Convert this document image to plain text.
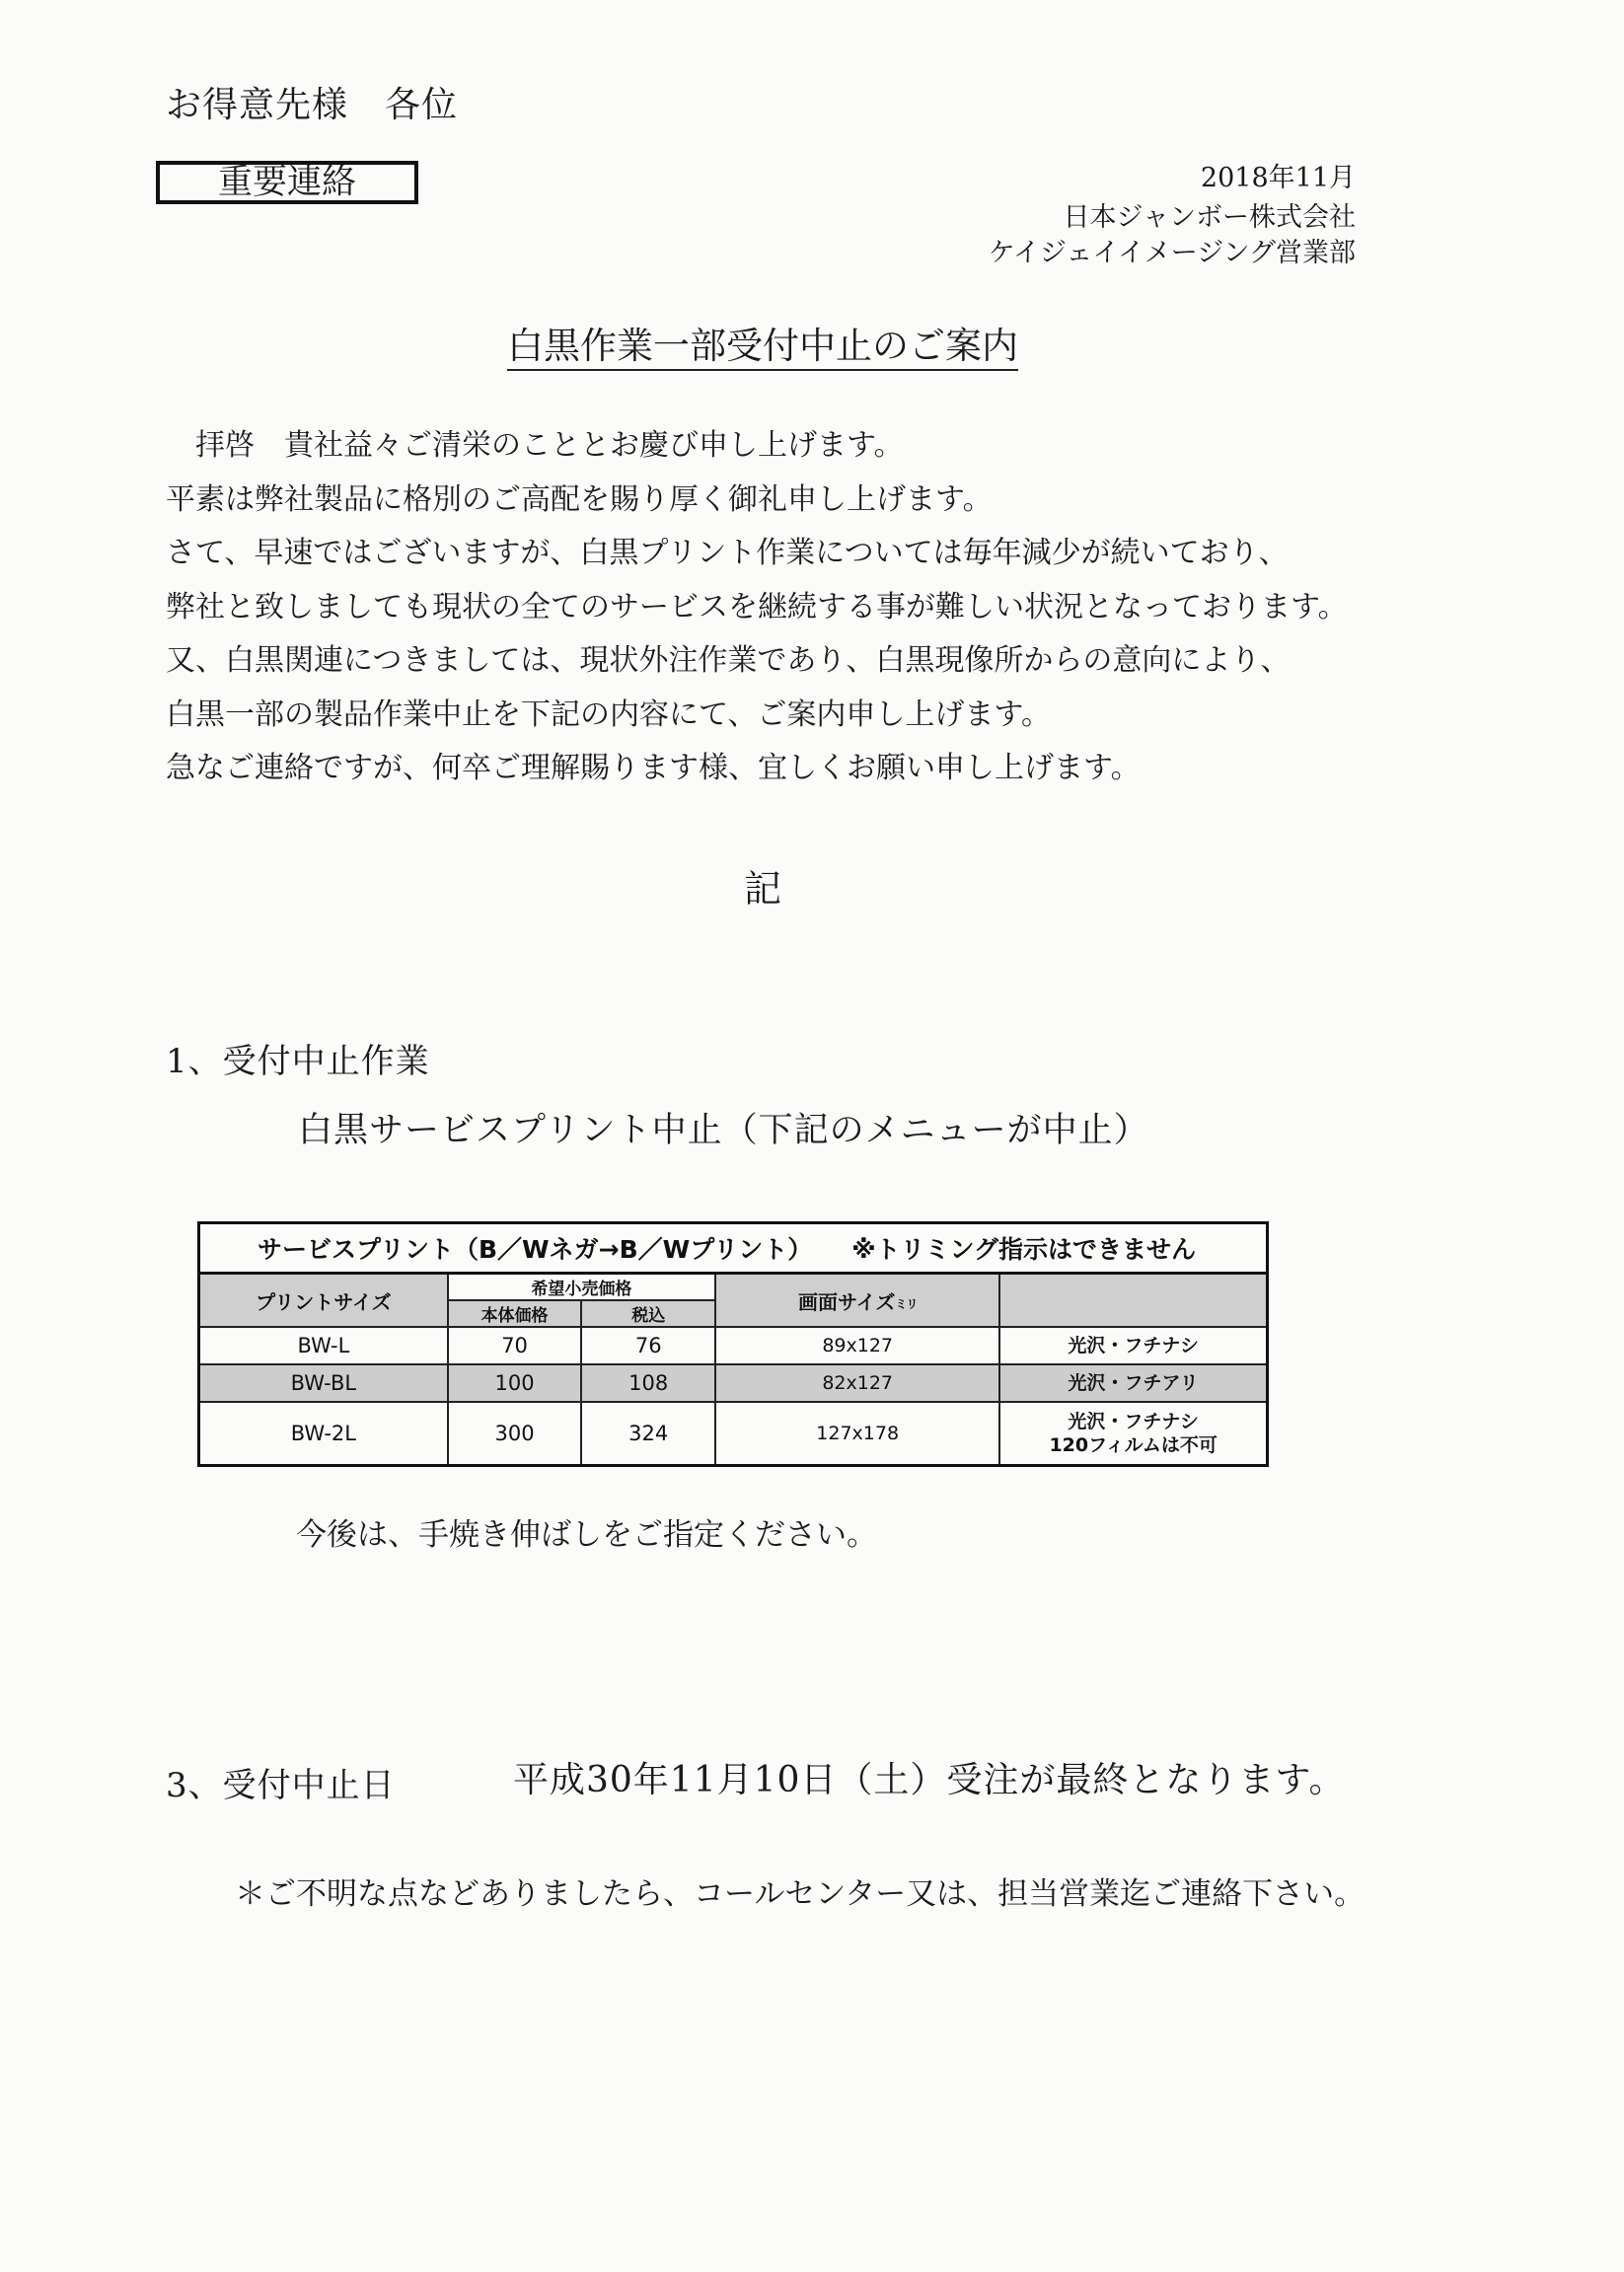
お得意先様　各位
重要連絡	2018年11月
日本ジャンボー株式会社
ケイジェイイメージング営業部
白黒作業一部受付中止のご案内
　拝啓　貴社益々ご清栄のこととお慶び申し上げます。
平素は弊社製品に格別のご高配を賜り厚く御礼申し上げます。
さて、早速ではございますが、白黒プリント作業については毎年減少が続いており、
弊社と致しましても現状の全てのサービスを継続する事が難しい状況となっております。
又、白黒関連につきましては、現状外注作業であり、白黒現像所からの意向により、
白黒一部の製品作業中止を下記の内容にて、ご案内申し上げます。
急なご連絡ですが、何卒ご理解賜ります様、宜しくお願い申し上げます。
記
1、受付中止作業
白黒サービスプリント中止（下記のメニューが中止）
サービスプリント（B／Wネガ→B／Wプリント） ※トリミング指示はできません				
プリントサイズ	希望小売価格		画面サイズミリ	
	本体価格	税込		
BW-L	70	76	89x127	光沢・フチナシ
BW-BL	100	108	82x127	光沢・フチアリ
BW-2L	300	324	127x178	光沢・フチナシ
120フィルムは不可
今後は、手焼き伸ばしをご指定ください。
3、受付中止日	平成30年11月10日（土）受注が最終となります。
＊ご不明な点などありましたら、コールセンター又は、担当営業迄ご連絡下さい。
